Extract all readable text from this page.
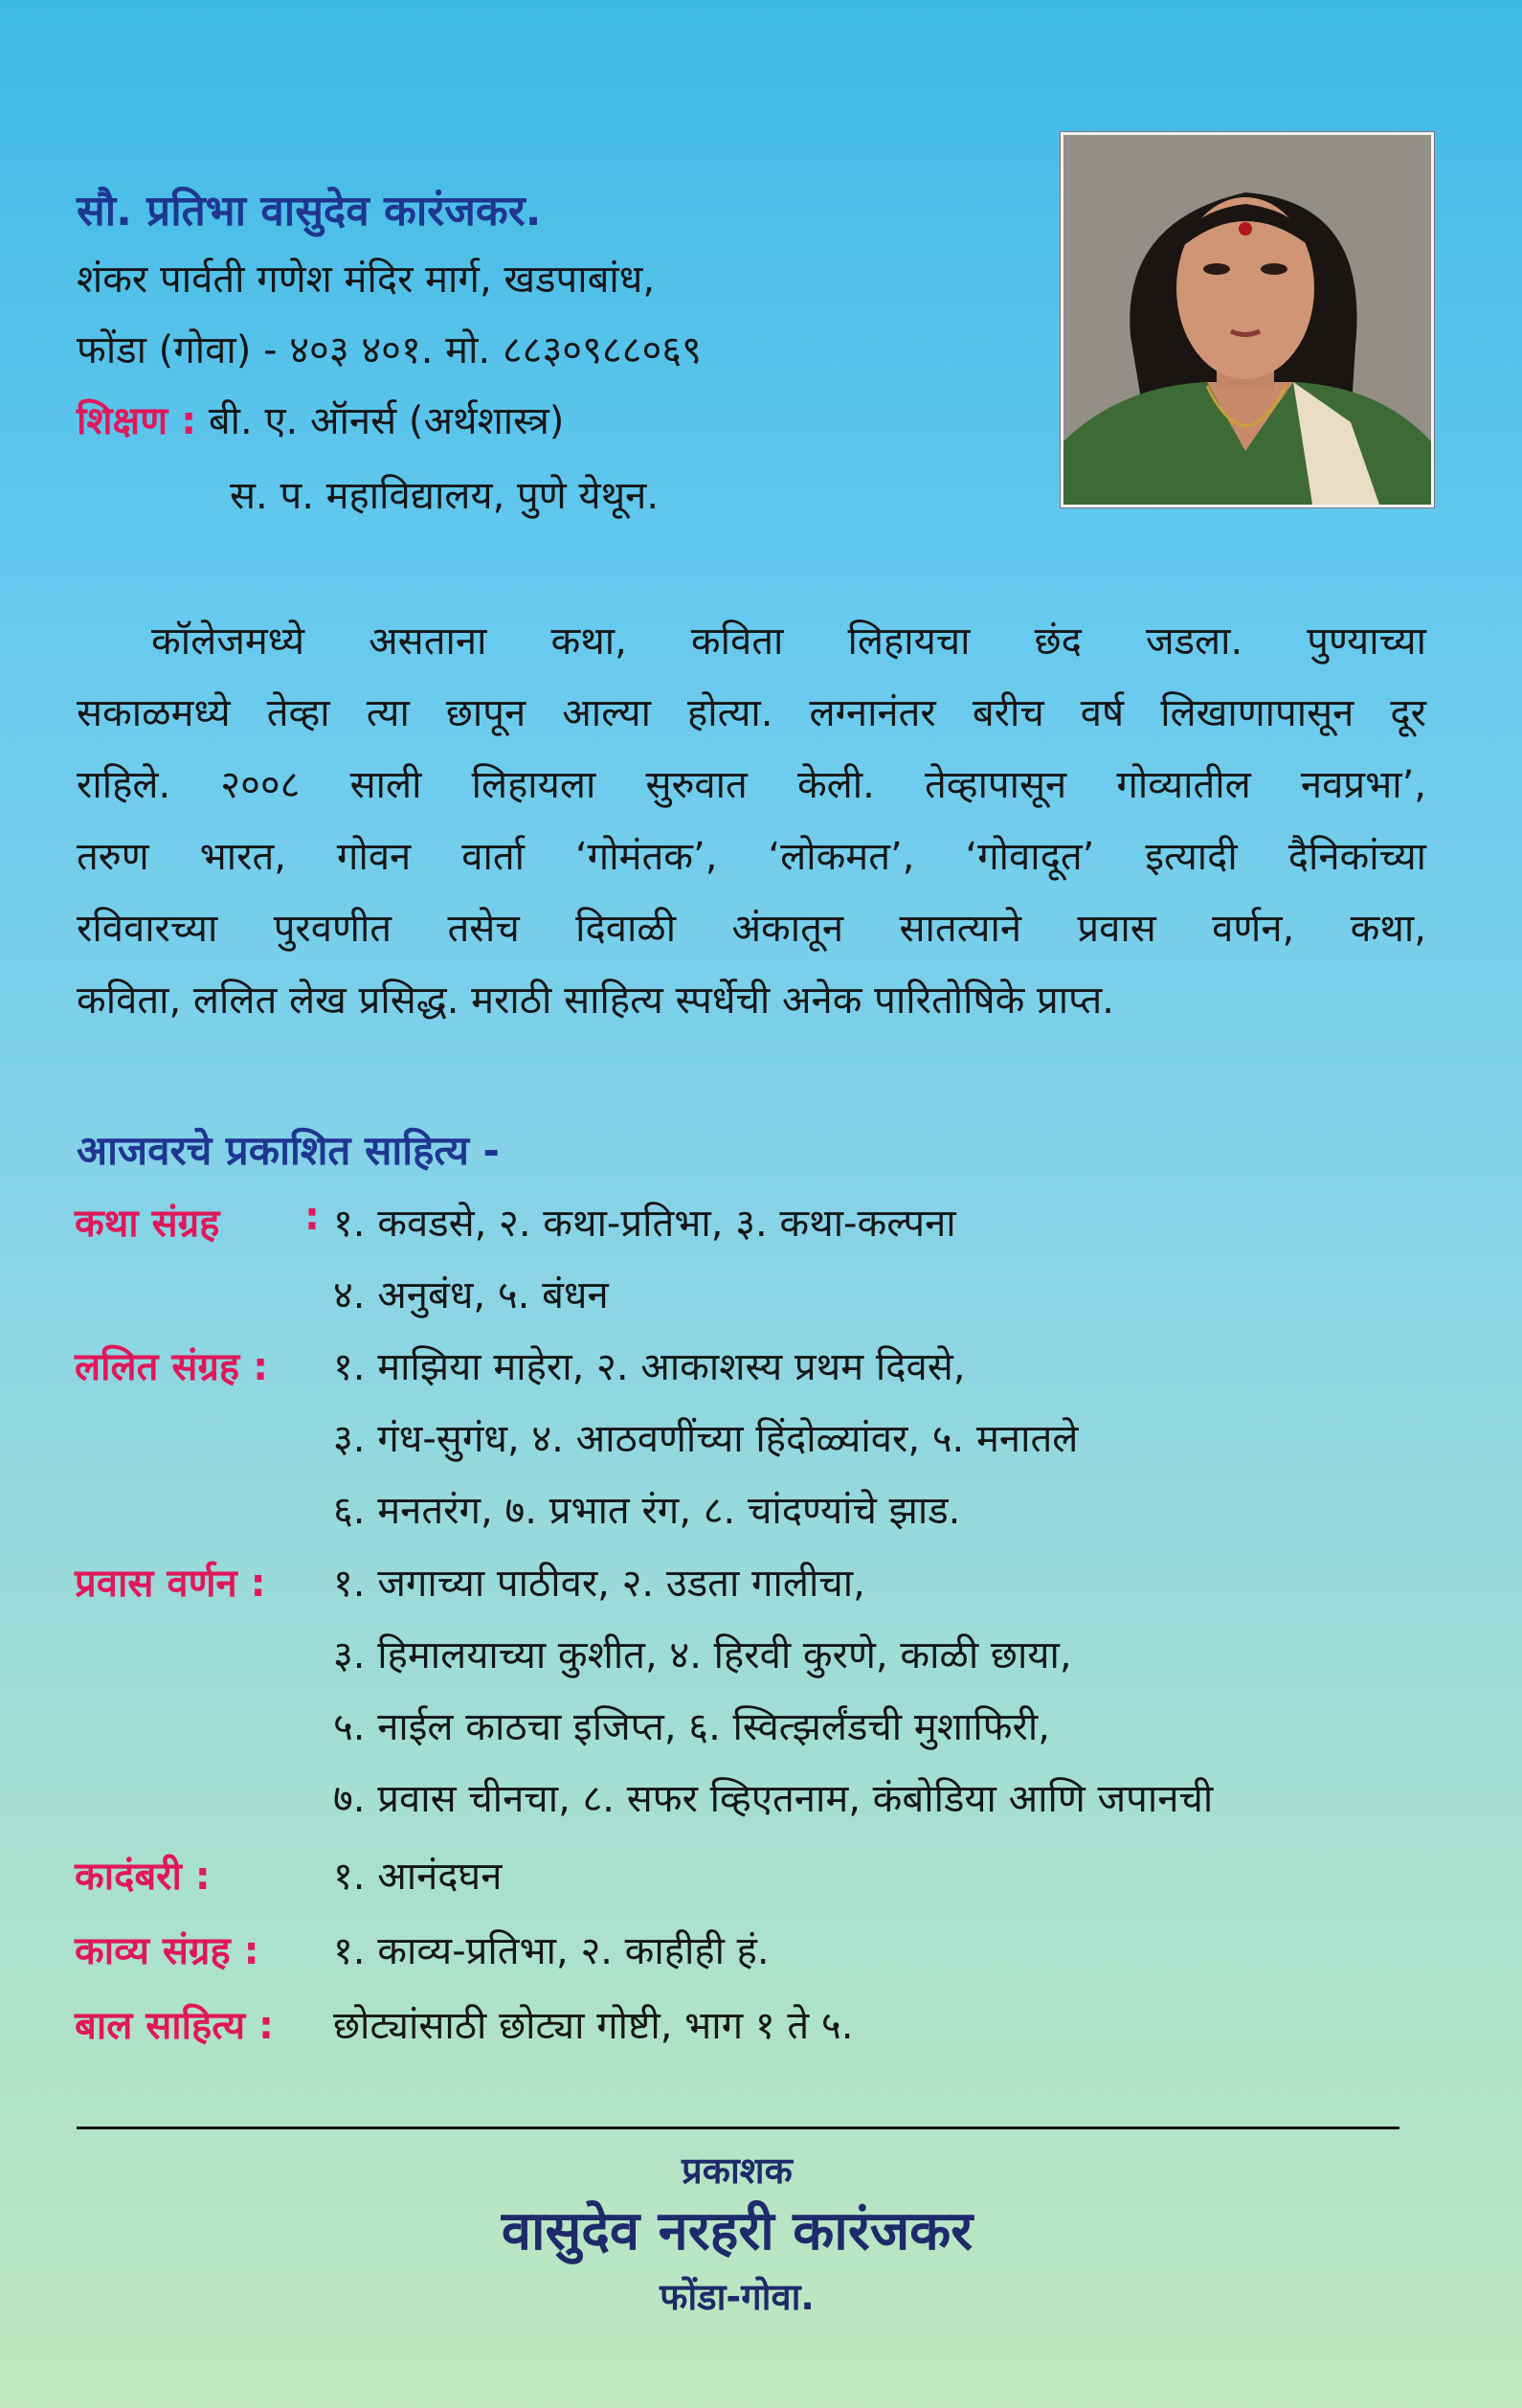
सौ. प्रतिभा वासुदेव कारंजकर.
शंकर पार्वती गणेश मंदिर मार्ग, खडपाबांध,
फोंडा (गोवा) - ४०३ ४०१. मो. ८८३०९८८०६९
शिक्षण : बी. ए. ऑनर्स (अर्थशास्त्र)
स. प. महाविद्यालय, पुणे येथून.
कॉलेजमध्ये असताना कथा, कविता लिहायचा छंद जडला. पुण्याच्या
सकाळमध्ये तेव्हा त्या छापून आल्या होत्या. लग्नानंतर बरीच वर्ष लिखाणापासून दूर
राहिले. २००८ साली लिहायला सुरुवात केली. तेव्हापासून गोव्यातील नवप्रभा’,
तरुण भारत, गोवन वार्ता ‘गोमंतक’, ‘लोकमत’, ‘गोवादूत’ इत्यादी दैनिकांच्या
रविवारच्या पुरवणीत तसेच दिवाळी अंकातून सातत्याने प्रवास वर्णन, कथा,
कविता, ललित लेख प्रसिद्ध. मराठी साहित्य स्पर्धेची अनेक पारितोषिके प्राप्त.
आजवरचे प्रकाशित साहित्य -
कथा संग्रह : १. कवडसे, २. कथा-प्रतिभा, ३. कथा-कल्पना
४. अनुबंध, ५. बंधन
ललित संग्रह : १. माझिया माहेरा, २. आकाशस्य प्रथम दिवसे,
३. गंध-सुगंध, ४. आठवणींच्या हिंदोळ्यांवर, ५. मनातले
६. मनतरंग, ७. प्रभात रंग, ८. चांदण्यांचे झाड.
प्रवास वर्णन : १. जगाच्या पाठीवर, २. उडता गालीचा,
३. हिमालयाच्या कुशीत, ४. हिरवी कुरणे, काळी छाया,
५. नाईल काठचा इजिप्त, ६. स्वित्झर्लंडची मुशाफिरी,
७. प्रवास चीनचा, ८. सफर व्हिएतनाम, कंबोडिया आणि जपानची
कादंबरी :	१. आनंदघन
काव्य संग्रह : १. काव्य-प्रतिभा, २. काहीही हं.
बाल साहित्य : छोट्यांसाठी छोट्या गोष्टी, भाग १ ते ५.
प्रकाशक
वासुदेव नरहरी कारंजकर
फोंडा-गोवा.
